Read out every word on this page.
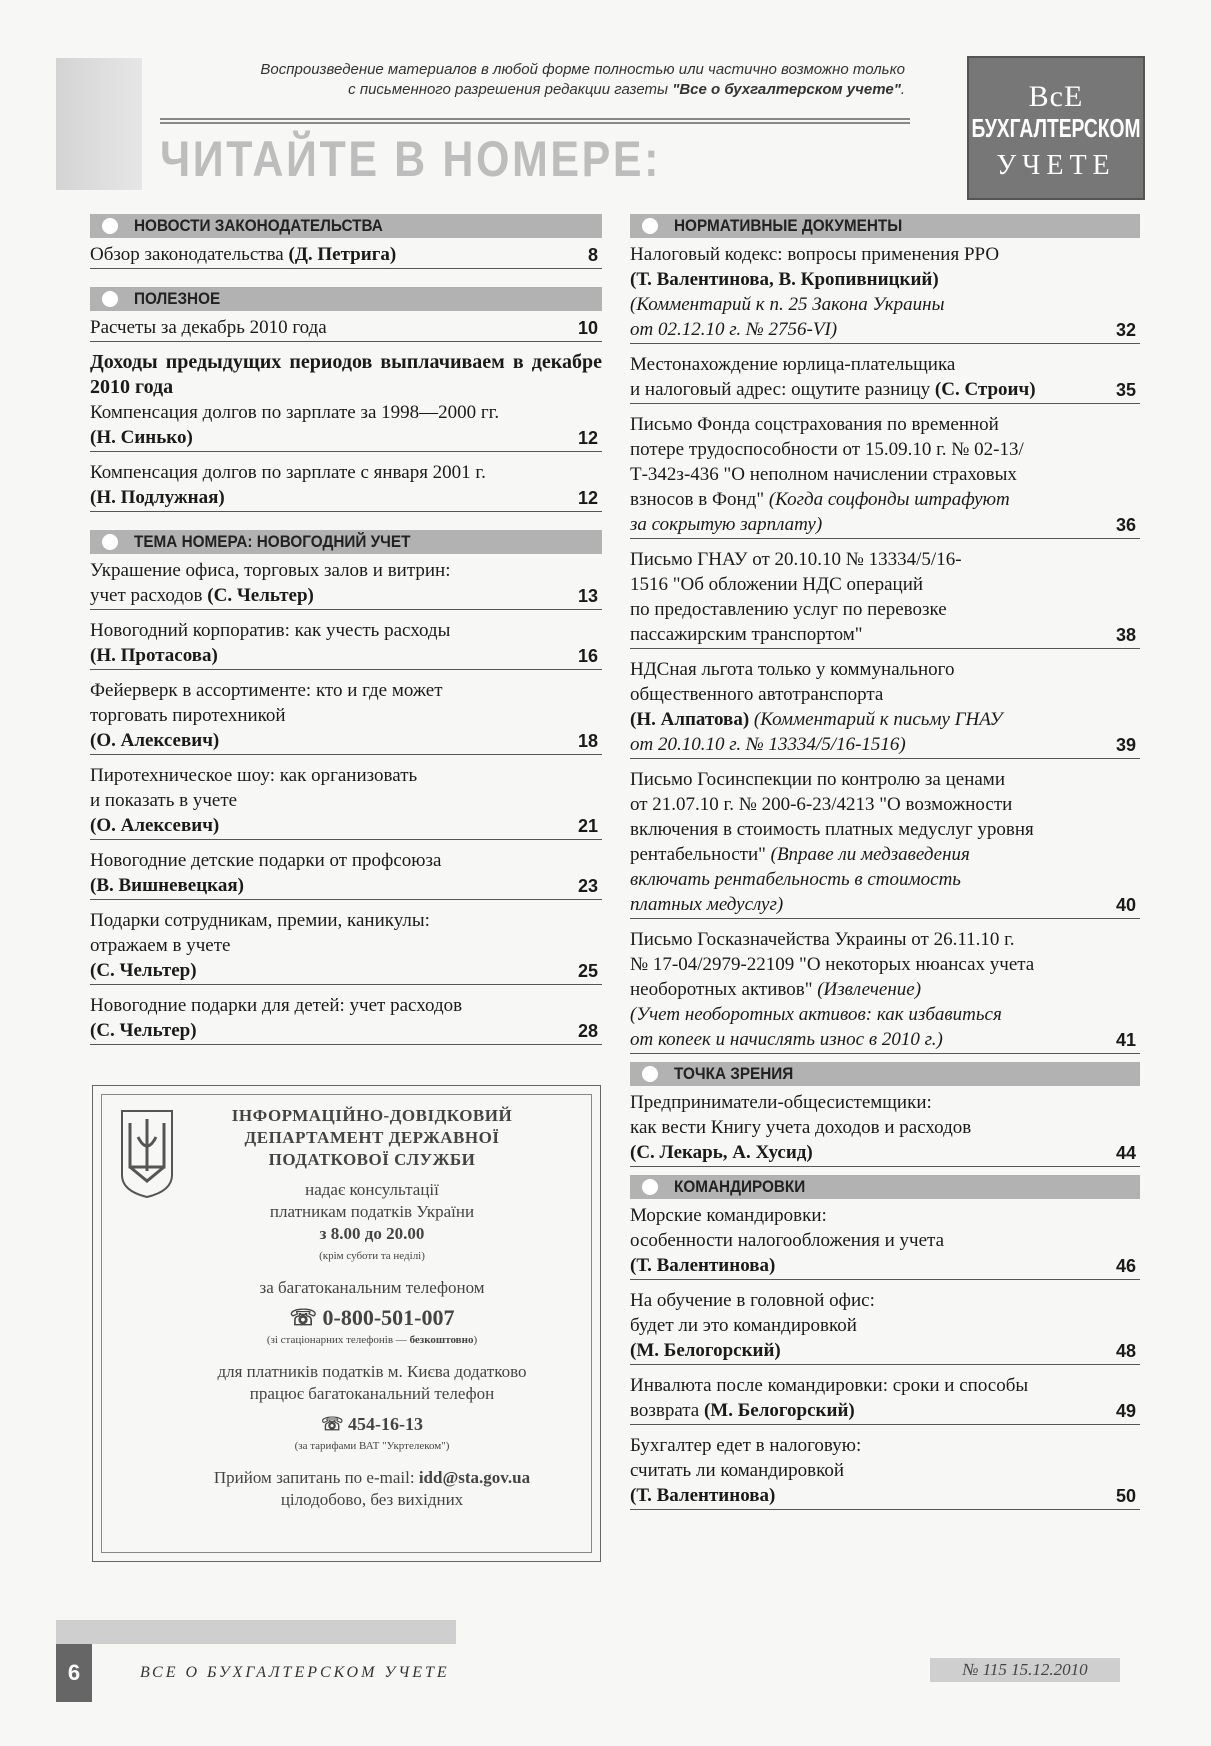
Воспроизведение материалов в любой форме полностью или частично возможно только
с письменного разрешения редакции газеты "Все о бухгалтерском учете".
ЧИТАЙТЕ В НОМЕРЕ:
ВсЕ
БУХГАЛТЕРСКОМ
УЧЕТЕ
НОВОСТИ ЗАКОНОДАТЕЛЬСТВА
Обзор законодательства (Д. Петрига)	8
ПОЛЕЗНОЕ
Расчеты за декабрь 2010 года	10
Доходы предыдущих периодов выплачиваем в декабре 2010 года
Компенсация долгов по зарплате за 1998—2000 гг.
(Н. Синько)	12
Компенсация долгов по зарплате с января 2001 г.
(Н. Подлужная)	12
ТЕМА НОМЕРА: НОВОГОДНИЙ УЧЕТ
Украшение офиса, торговых залов и витрин:
учет расходов (С. Чельтер)	13
Новогодний корпоратив: как учесть расходы
(Н. Протасова)	16
Фейерверк в ассортименте: кто и где может
торговать пиротехникой
(О. Алексевич)	18
Пиротехническое шоу: как организовать
и показать в учете
(О. Алексевич)	21
Новогодние детские подарки от профсоюза
(В. Вишневецкая)	23
Подарки сотрудникам, премии, каникулы:
отражаем в учете
(С. Чельтер)	25
Новогодние подарки для детей: учет расходов
(С. Чельтер)	28
ІНФОРМАЦІЙНО-ДОВІДКОВИЙ
ДЕПАРТАМЕНТ ДЕРЖАВНОЇ
ПОДАТКОВОЇ СЛУЖБИ
надає консультації
платникам податків України
з 8.00 до 20.00
(крім суботи та неділі)
за багатоканальним телефоном
☏ 0-800-501-007
(зі стаціонарних телефонів — безкоштовно)
для платників податків м. Києва додатково
працює багатоканальний телефон
☏ 454-16-13
(за тарифами ВАТ "Укртелеком")
Прийом запитань по e-mail: idd@sta.gov.ua
цілодобово, без вихідних
НОРМАТИВНЫЕ ДОКУМЕНТЫ
Налоговый кодекс: вопросы применения РРО
(Т. Валентинова, В. Кропивницкий)
(Комментарий к п. 25 Закона Украины
от 02.12.10 г. № 2756-VI)	32
Местонахождение юрлица-плательщика
и налоговый адрес: ощутите разницу (С. Строич)	35
Письмо Фонда соцстрахования по временной
потере трудоспособности от 15.09.10 г. № 02-13/
Т-342з-436 "О неполном начислении страховых
взносов в Фонд" (Когда соцфонды штрафуют
за сокрытую зарплату)	36
Письмо ГНАУ от 20.10.10 № 13334/5/16-
1516 "Об обложении НДС операций
по предоставлению услуг по перевозке
пассажирским транспортом"	38
НДСная льгота только у коммунального
общественного автотранспорта
(Н. Алпатова) (Комментарий к письму ГНАУ
от 20.10.10 г. № 13334/5/16-1516)	39
Письмо Госинспекции по контролю за ценами
от 21.07.10 г. № 200-6-23/4213 "О возможности
включения в стоимость платных медуслуг уровня
рентабельности" (Вправе ли медзаведения
включать рентабельность в стоимость
платных медуслуг)	40
Письмо Госказначейства Украины от 26.11.10 г.
№ 17-04/2979-22109 "О некоторых нюансах учета
необоротных активов" (Извлечение)
(Учет необоротных активов: как избавиться
от копеек и начислять износ в 2010 г.)	41
ТОЧКА ЗРЕНИЯ
Предприниматели-общесистемщики:
как вести Книгу учета доходов и расходов
(С. Лекарь, А. Хусид)	44
КОМАНДИРОВКИ
Морские командировки:
особенности налогообложения и учета
(Т. Валентинова)	46
На обучение в головной офис:
будет ли это командировкой
(М. Белогорский)	48
Инвалюта после командировки: сроки и способы
возврата (М. Белогорский)	49
Бухгалтер едет в налоговую:
считать ли командировкой
(Т. Валентинова)	50
6	ВСЕ О БУХГАЛТЕРСКОМ УЧЕТЕ	№ 115 15.12.2010
